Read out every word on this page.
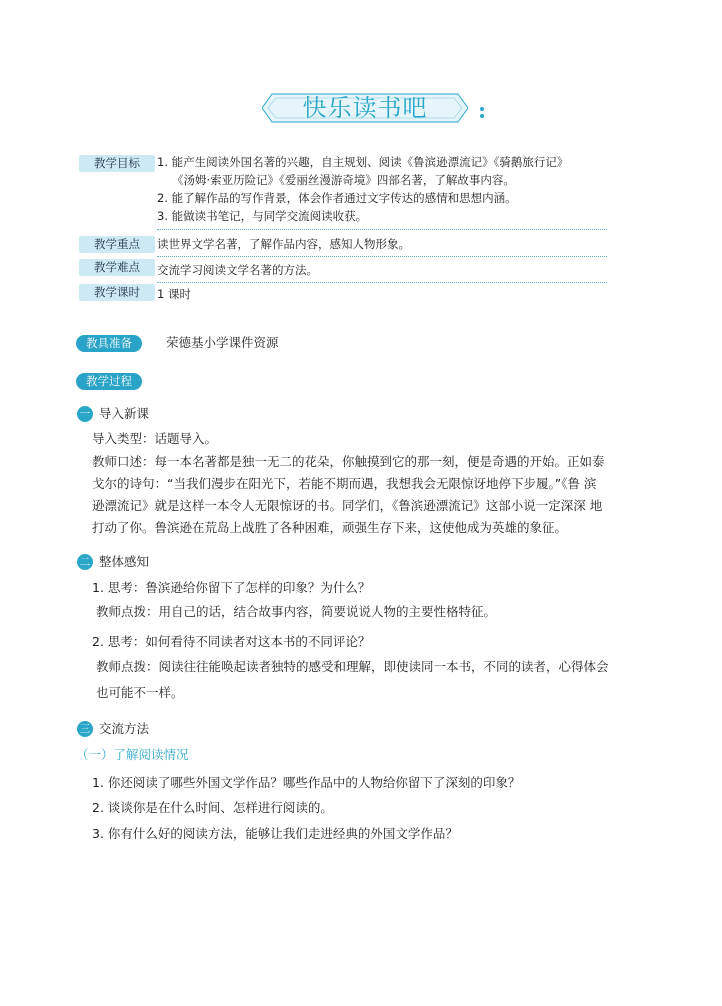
快乐读书吧
教学目标	1. 能产生阅读外国名著的兴趣，自主规划、阅读《鲁滨逊漂流记》《骑鹅旅行记》
《汤姆·索亚历险记》《爱丽丝漫游奇境》四部名著，了解故事内容。
2. 能了解作品的写作背景，体会作者通过文字传达的感情和思想内涵。
3. 能做读书笔记，与同学交流阅读收获。
教学重点	读世界文学名著，了解作品内容，感知人物形象。
教学难点	交流学习阅读文学名著的方法。
教学课时	1 课时
教具准备	荣德基小学课件资源
教学过程
一 导入新课
导入类型：话题导入。
教师口述：每一本名著都是独一无二的花朵，你触摸到它的那一刻，便是奇遇的开始。正如泰
戈尔的诗句：“当我们漫步在阳光下，若能不期而遇，我想我会无限惊讶地停下步履。”《鲁 滨
逊漂流记》就是这样一本令人无限惊讶的书。同学们，《鲁滨逊漂流记》这部小说一定深深 地
打动了你。鲁滨逊在荒岛上战胜了各种困难，顽强生存下来，这使他成为英雄的象征。
二 整体感知
1. 思考：鲁滨逊给你留下了怎样的印象？为什么？
教师点拨：用自己的话，结合故事内容，简要说说人物的主要性格特征。
2. 思考：如何看待不同读者对这本书的不同评论？
教师点拨：阅读往往能唤起读者独特的感受和理解，即使读同一本书，不同的读者，心得体会
也可能不一样。
三 交流方法
（一）了解阅读情况
1. 你还阅读了哪些外国文学作品？哪些作品中的人物给你留下了深刻的印象？
2. 谈谈你是在什么时间、怎样进行阅读的。
3. 你有什么好的阅读方法，能够让我们走进经典的外国文学作品？
